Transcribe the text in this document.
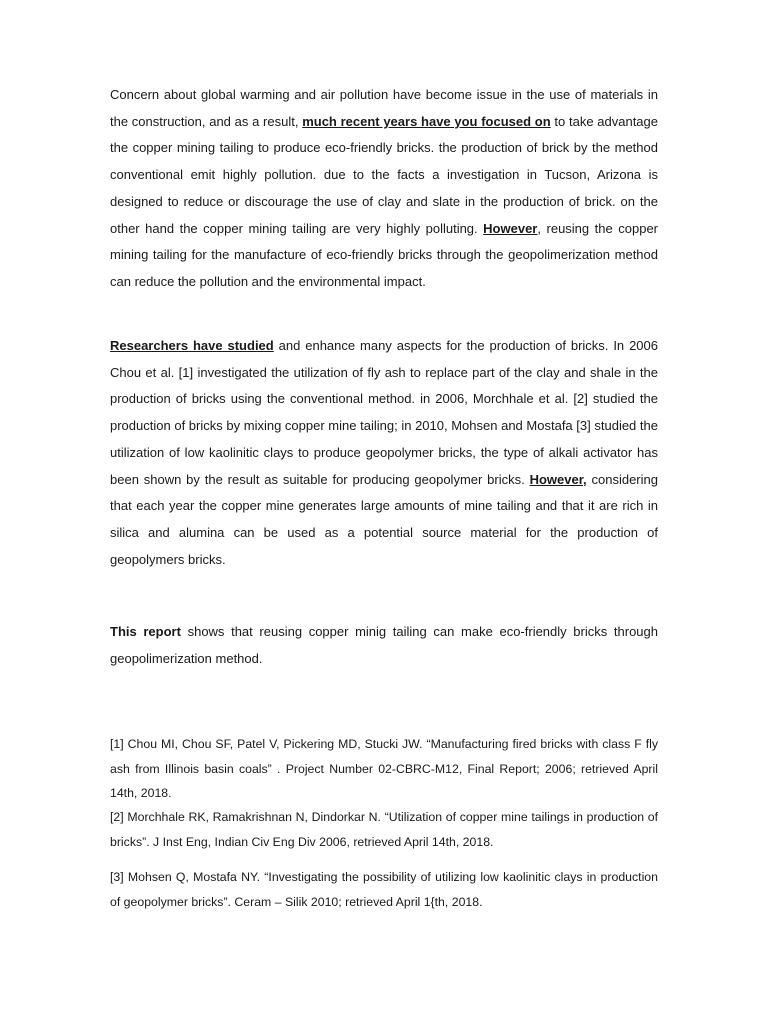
Concern about global warming and air pollution have become issue in the use of materials in the construction, and as a result, much recent years have you focused on to take advantage the copper mining tailing to produce eco-friendly bricks. the production of brick by the method conventional emit highly pollution. due to the facts a investigation in Tucson, Arizona is designed to reduce or discourage the use of clay and slate in the production of brick. on the other hand the copper mining tailing are very highly polluting. However, reusing the copper mining tailing for the manufacture of eco-friendly bricks through the geopolimerization method can reduce the pollution and the environmental impact.

Researchers have studied and enhance many aspects for the production of bricks. In 2006 Chou et al. [1] investigated the utilization of fly ash to replace part of the clay and shale in the production of bricks using the conventional method. in 2006, Morchhale et al. [2] studied the production of bricks by mixing copper mine tailing; in 2010, Mohsen and Mostafa [3] studied the utilization of low kaolinitic clays to produce geopolymer bricks, the type of alkali activator has been shown by the result as suitable for producing geopolymer bricks. However, considering that each year the copper mine generates large amounts of mine tailing and that it are rich in silica and alumina can be used as a potential source material for the production of geopolymers bricks.

This report shows that reusing copper minig tailing can make eco-friendly bricks through geopolimerization method.

[1] Chou MI, Chou SF, Patel V, Pickering MD, Stucki JW. “Manufacturing fired bricks with class F fly ash from Illinois basin coals” . Project Number 02-CBRC-M12, Final Report; 2006; retrieved April 14th, 2018.

[2] Morchhale RK, Ramakrishnan N, Dindorkar N. “Utilization of copper mine tailings in production of bricks”. J Inst Eng, Indian Civ Eng Div 2006, retrieved April 14th, 2018.

[3] Mohsen Q, Mostafa NY. “Investigating the possibility of utilizing low kaolinitic clays in production of geopolymer bricks”. Ceram – Silik 2010; retrieved April 1{th, 2018.
